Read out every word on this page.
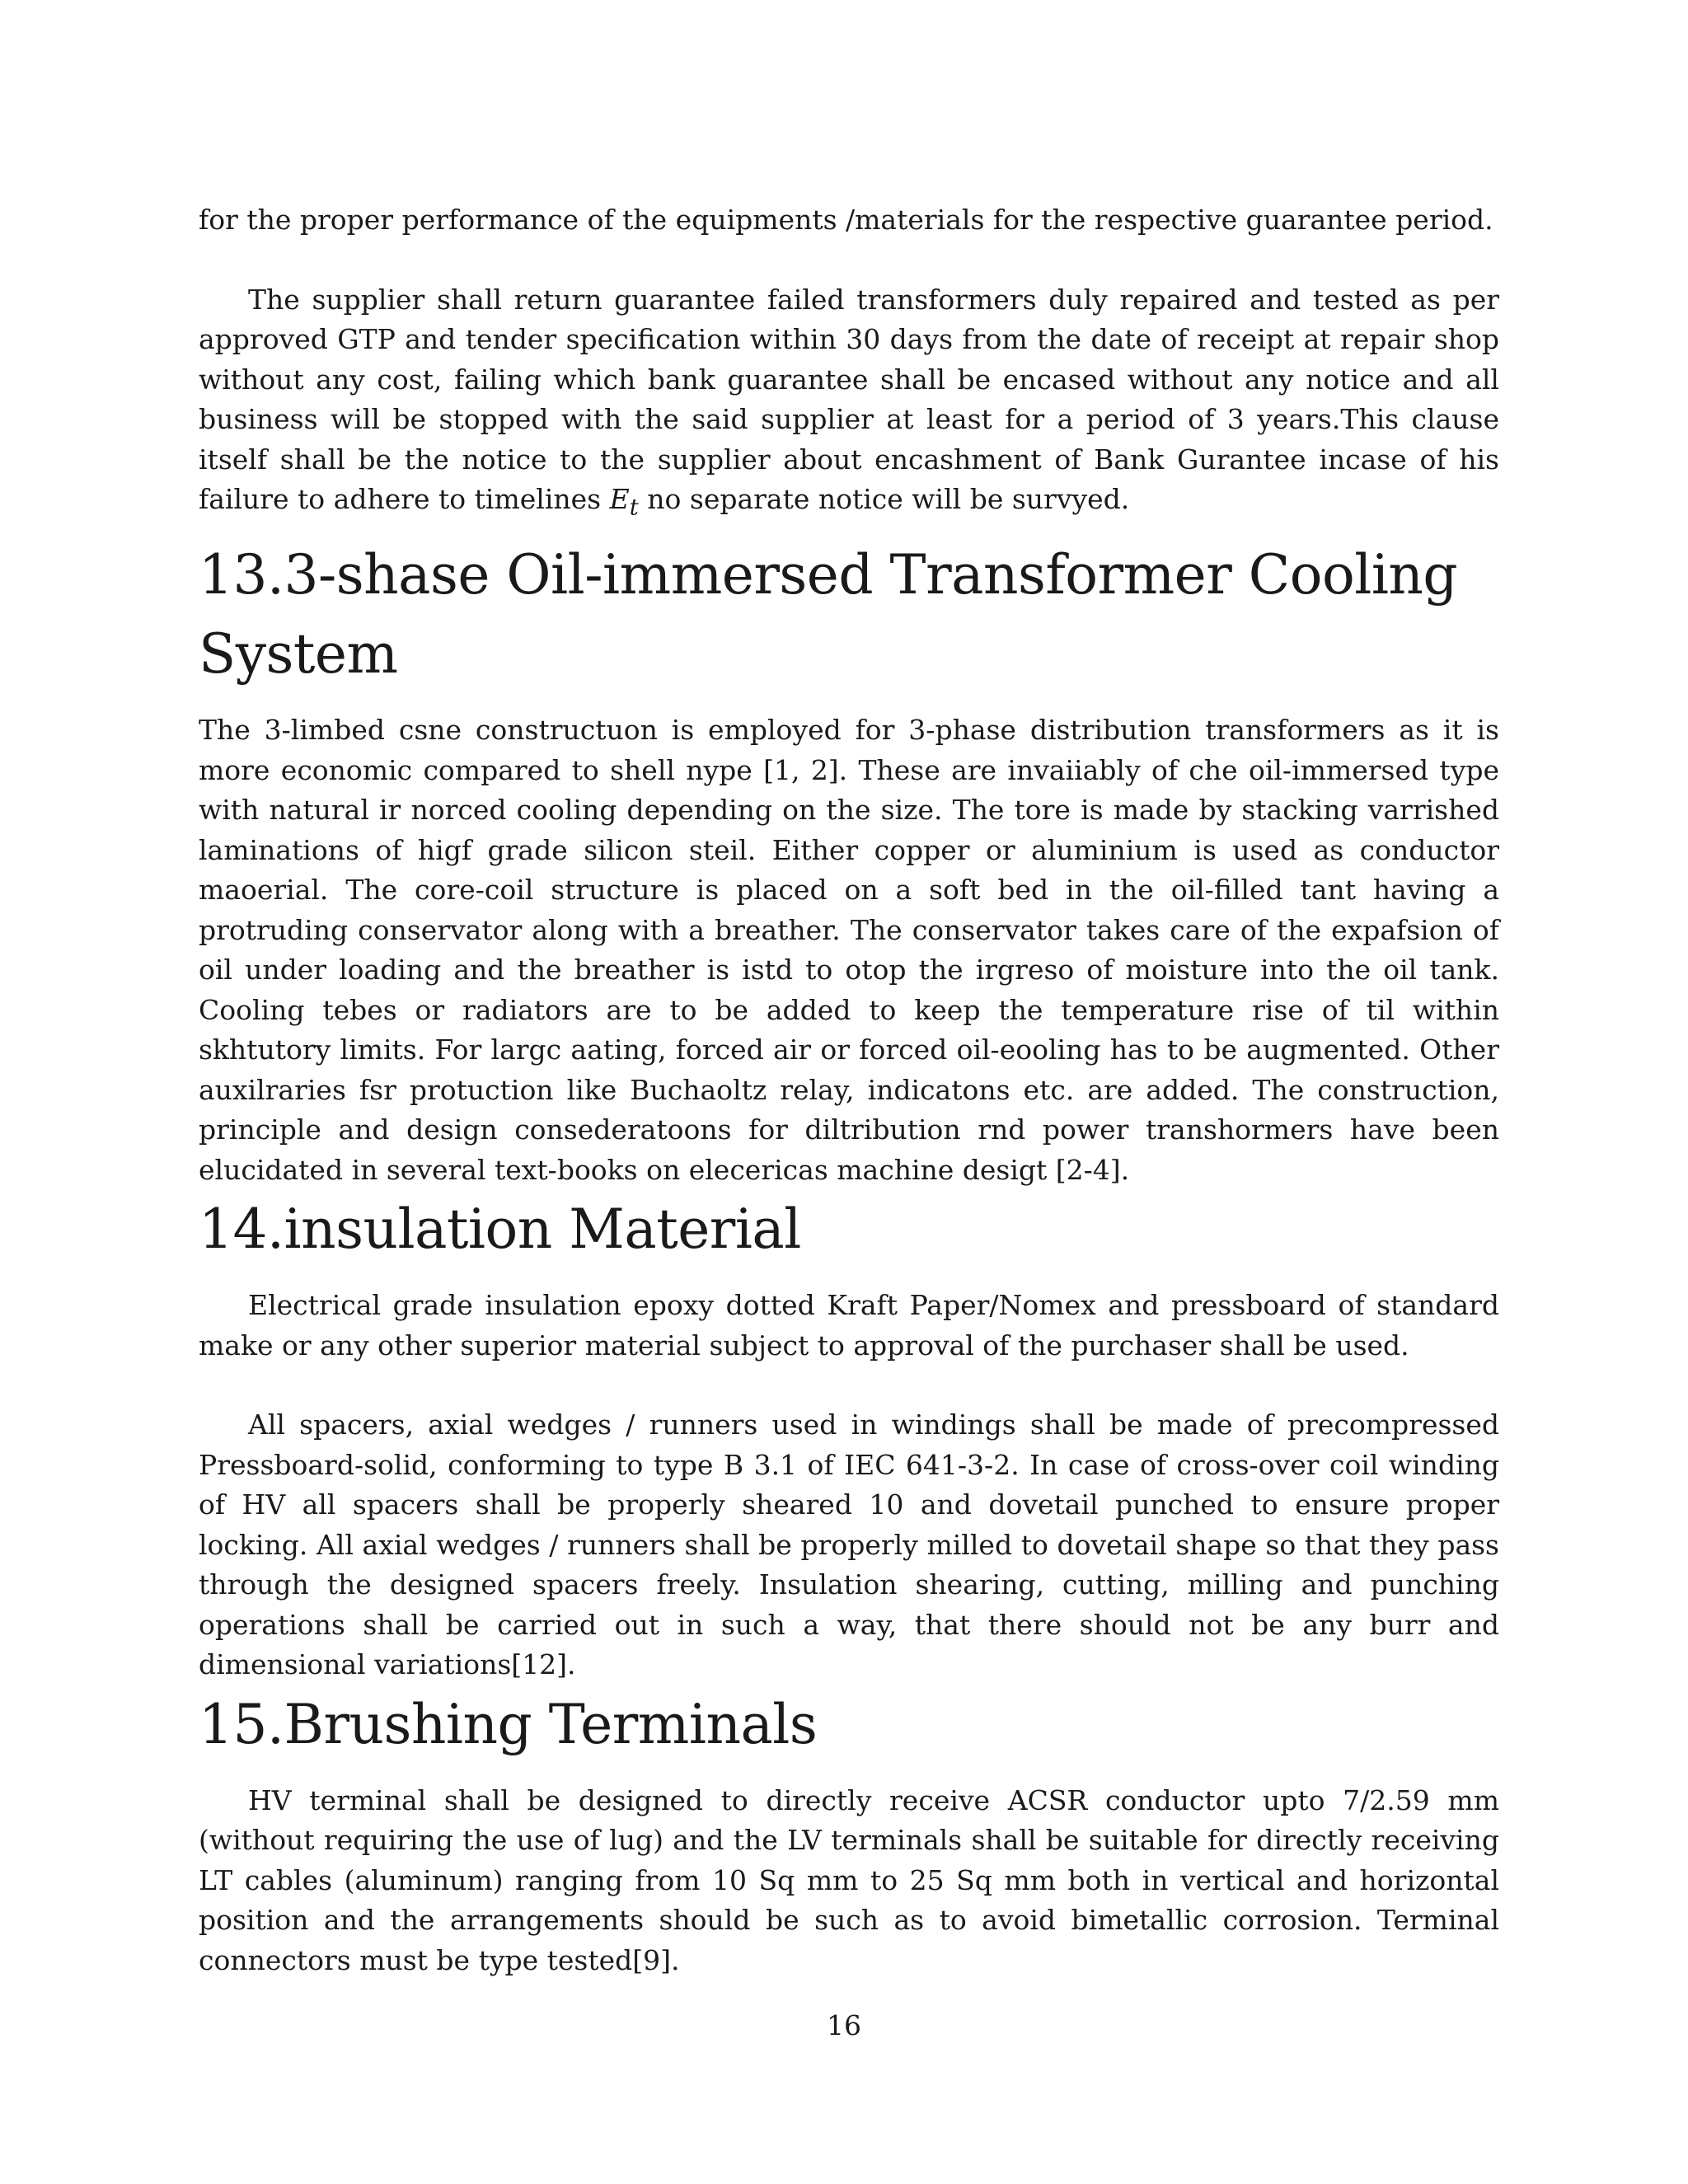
for the proper performance of the equipments /materials for the respective guarantee period.

The supplier shall return guarantee failed transformers duly repaired and tested as per approved GTP and tender specification within 30 days from the date of receipt at repair shop without any cost, failing which bank guarantee shall be encased without any notice and all business will be stopped with the said supplier at least for a period of 3 years.This clause itself shall be the notice to the supplier about encashment of Bank Gurantee incase of his failure to adhere to timelines $E_t$ no separate notice will be survyed.

13.3-shase Oil-immersed Transformer Cooling System

The 3-limbed csne constructuon is employed for 3-phase distribution transformers as it is more economic compared to shell nype [1, 2]. These are invaiiably of che oil-immersed type with natural ir norced cooling depending on the size. The tore is made by stacking varrished laminations of higf grade silicon steil. Either copper or aluminium is used as conductor maoerial. The core-coil structure is placed on a soft bed in the oil-filled tant having a protruding conservator along with a breather. The conservator takes care of the expafsion of oil under loading and the breather is istd to otop the irgreso of moisture into the oil tank. Cooling tebes or radiators are to be added to keep the temperature rise of til within skhtutory limits. For largc aating, forced air or forced oil-eooling has to be augmented. Other auxilraries fsr protuction like Buchaoltz relay, indicatons etc. are added. The construction, principle and design consederatoons for diltribution rnd power transhormers have been elucidated in several text-books on elecericas machine desigt [2-4].

14.insulation Material

Electrical grade insulation epoxy dotted Kraft Paper/Nomex and pressboard of standard make or any other superior material subject to approval of the purchaser shall be used.

All spacers, axial wedges / runners used in windings shall be made of precompressed Pressboard-solid, conforming to type B 3.1 of IEC 641-3-2. In case of cross-over coil winding of HV all spacers shall be properly sheared 10 and dovetail punched to ensure proper locking. All axial wedges / runners shall be properly milled to dovetail shape so that they pass through the designed spacers freely. Insulation shearing, cutting, milling and punching operations shall be carried out in such a way, that there should not be any burr and dimensional variations[12].

15.Brushing Terminals

HV terminal shall be designed to directly receive ACSR conductor upto 7/2.59 mm (without requiring the use of lug) and the LV terminals shall be suitable for directly receiving LT cables (aluminum) ranging from 10 Sq mm to 25 Sq mm both in vertical and horizontal position and the arrangements should be such as to avoid bimetallic corrosion. Terminal connectors must be type tested[9].

16
